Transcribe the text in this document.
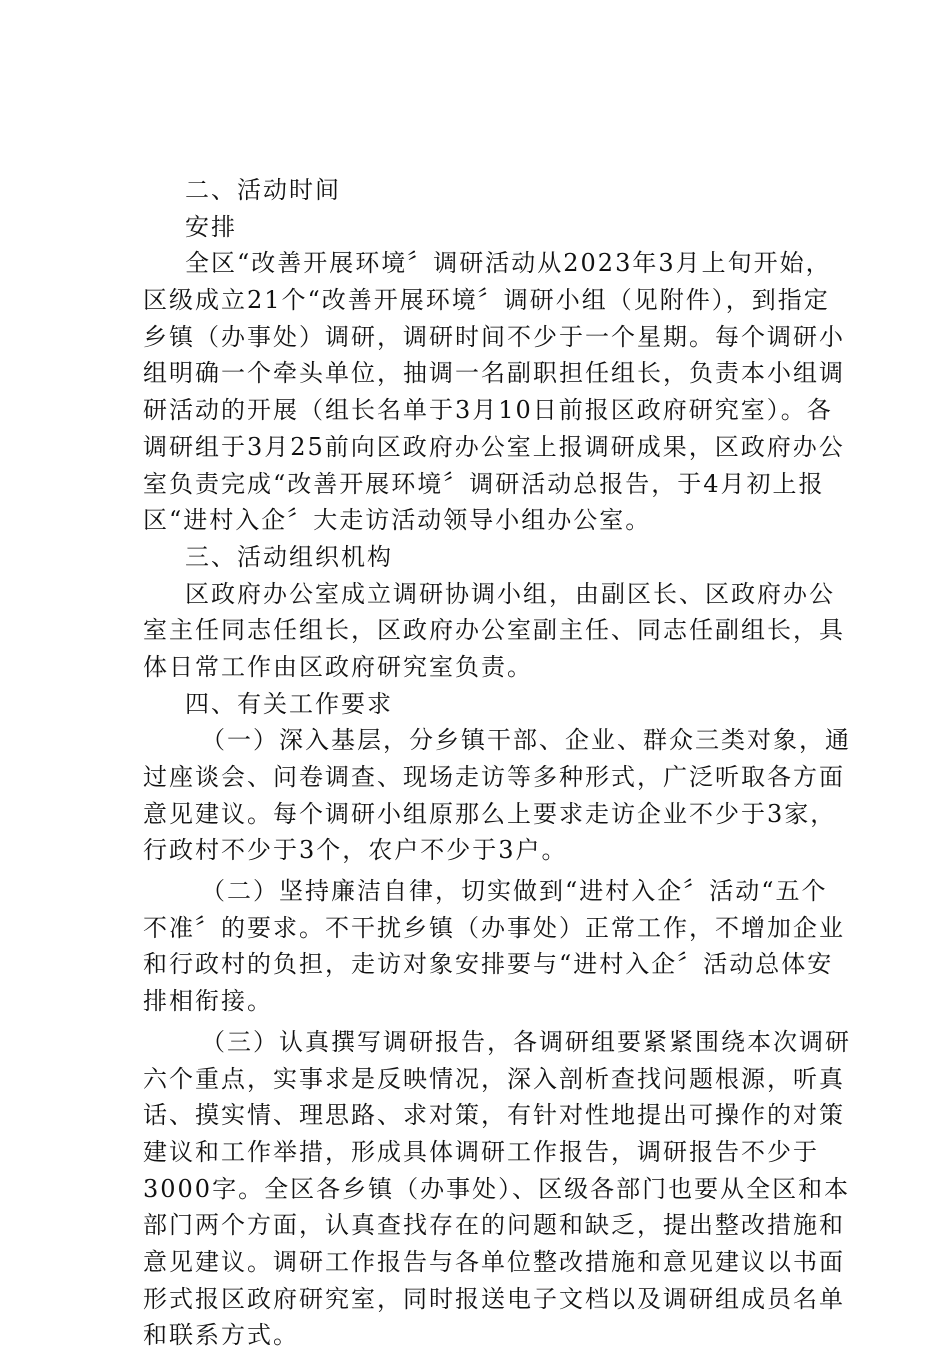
二、活动时间
安排
全区“改善开展环境〞调研活动从2023年3月上旬开始，
区级成立21个“改善开展环境〞调研小组（见附件），到指定
乡镇（办事处）调研，调研时间不少于一个星期。每个调研小
组明确一个牵头单位，抽调一名副职担任组长，负责本小组调
研活动的开展（组长名单于3月10日前报区政府研究室）。各
调研组于3月25前向区政府办公室上报调研成果，区政府办公
室负责完成“改善开展环境〞调研活动总报告，于4月初上报
区“进村入企〞大走访活动领导小组办公室。
三、活动组织机构
区政府办公室成立调研协调小组，由副区长、区政府办公
室主任同志任组长，区政府办公室副主任、同志任副组长，具
体日常工作由区政府研究室负责。
四、有关工作要求
（一）深入基层，分乡镇干部、企业、群众三类对象，通
过座谈会、问卷调查、现场走访等多种形式，广泛听取各方面
意见建议。每个调研小组原那么上要求走访企业不少于3家，
行政村不少于3个，农户不少于3户。
（二）坚持廉洁自律，切实做到“进村入企〞活动“五个
不准〞的要求。不干扰乡镇（办事处）正常工作，不增加企业
和行政村的负担，走访对象安排要与“进村入企〞活动总体安
排相衔接。
（三）认真撰写调研报告，各调研组要紧紧围绕本次调研
六个重点，实事求是反映情况，深入剖析查找问题根源，听真
话、摸实情、理思路、求对策，有针对性地提出可操作的对策
建议和工作举措，形成具体调研工作报告，调研报告不少于
3000字。全区各乡镇（办事处）、区级各部门也要从全区和本
部门两个方面，认真查找存在的问题和缺乏，提出整改措施和
意见建议。调研工作报告与各单位整改措施和意见建议以书面
形式报区政府研究室，同时报送电子文档以及调研组成员名单
和联系方式。
